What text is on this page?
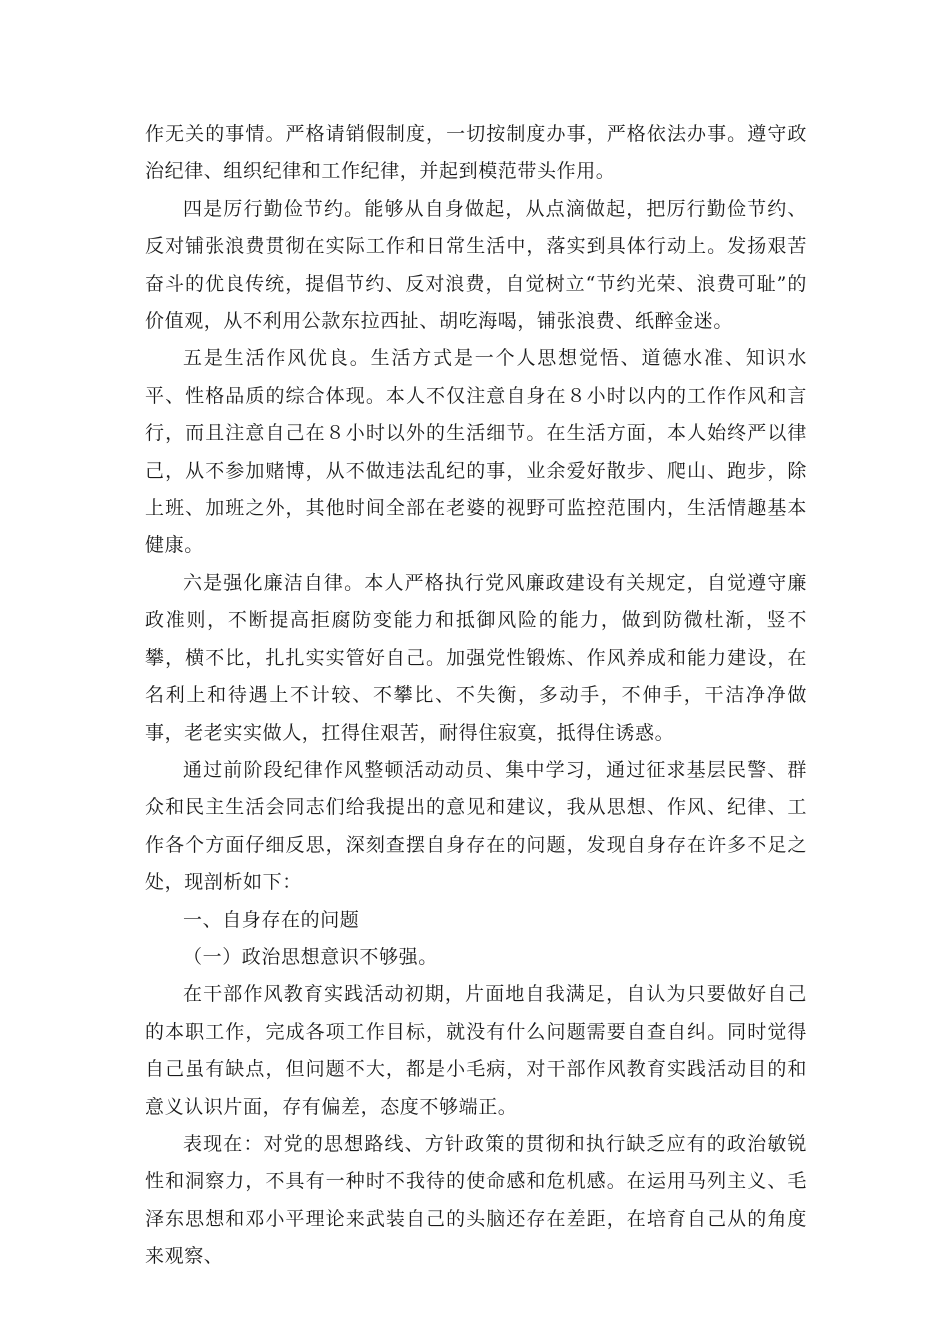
作无关的事情。严格请销假制度，一切按制度办事，严格依法办事。遵守政治纪律、组织纪律和工作纪律，并起到模范带头作用。

四是厉行勤俭节约。能够从自身做起，从点滴做起，把厉行勤俭节约、反对铺张浪费贯彻在实际工作和日常生活中，落实到具体行动上。发扬艰苦奋斗的优良传统，提倡节约、反对浪费，自觉树立“节约光荣、浪费可耻”的价值观，从不利用公款东拉西扯、胡吃海喝，铺张浪费、纸醉金迷。

五是生活作风优良。生活方式是一个人思想觉悟、道德水准、知识水平、性格品质的综合体现。本人不仅注意自身在８小时以内的工作作风和言行，而且注意自己在８小时以外的生活细节。在生活方面，本人始终严以律己，从不参加赌博，从不做违法乱纪的事，业余爱好散步、爬山、跑步，除上班、加班之外，其他时间全部在老婆的视野可监控范围内，生活情趣基本健康。

六是强化廉洁自律。本人严格执行党风廉政建设有关规定，自觉遵守廉政准则，不断提高拒腐防变能力和抵御风险的能力，做到防微杜渐，竖不攀，横不比，扎扎实实管好自己。加强党性锻炼、作风养成和能力建设，在名利上和待遇上不计较、不攀比、不失衡，多动手，不伸手，干洁净净做事，老老实实做人，扛得住艰苦，耐得住寂寞，抵得住诱惑。

通过前阶段纪律作风整顿活动动员、集中学习，通过征求基层民警、群众和民主生活会同志们给我提出的意见和建议，我从思想、作风、纪律、工作各个方面仔细反思，深刻查摆自身存在的问题，发现自身存在许多不足之处，现剖析如下：

一、自身存在的问题

（一）政治思想意识不够强。

在干部作风教育实践活动初期，片面地自我满足，自认为只要做好自己的本职工作，完成各项工作目标，就没有什么问题需要自查自纠。同时觉得自己虽有缺点，但问题不大，都是小毛病，对干部作风教育实践活动目的和意义认识片面，存有偏差，态度不够端正。

表现在：对党的思想路线、方针政策的贯彻和执行缺乏应有的政治敏锐性和洞察力，不具有一种时不我待的使命感和危机感。在运用马列主义、毛泽东思想和邓小平理论来武装自己的头脑还存在差距，在培育自己从的角度来观察、
